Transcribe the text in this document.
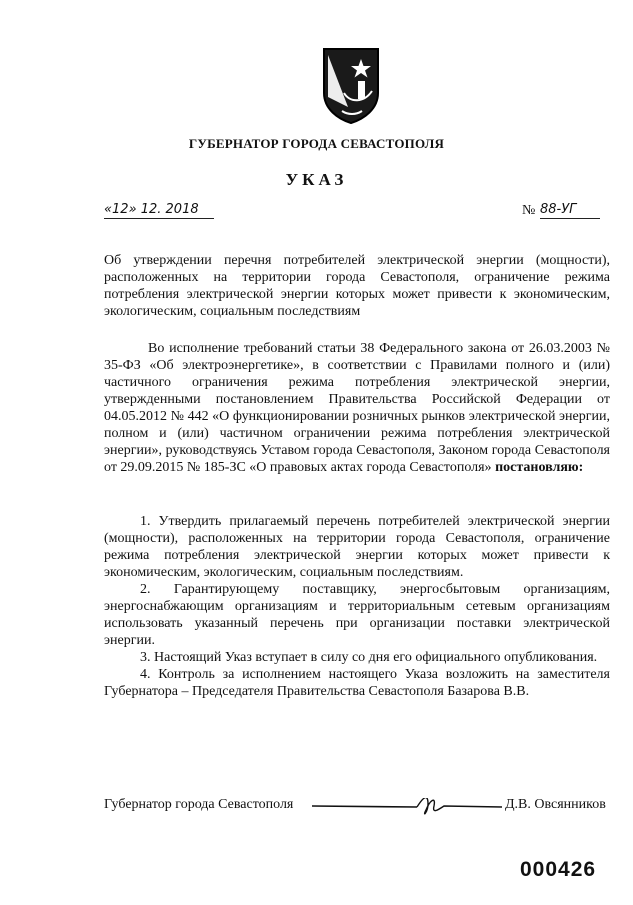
ГУБЕРНАТОР ГОРОДА СЕВАСТОПОЛЯ
УКАЗ
«12» 12. 2018	№ 88-УГ
Об утверждении перечня потребителей электрической энергии (мощности), расположенных на территории города Севастополя, ограничение режима потребления электрической энергии которых может привести к экономическим, экологическим, социальным последствиям
Во исполнение требований статьи 38 Федерального закона от 26.03.2003 № 35-ФЗ «Об электроэнергетике», в соответствии с Правилами полного и (или) частичного ограничения режима потребления электрической энергии, утвержденными постановлением Правительства Российской Федерации от 04.05.2012 № 442 «О функционировании розничных рынков электрической энергии, полном и (или) частичном ограничении режима потребления электрической энергии», руководствуясь Уставом города Севастополя, Законом города Севастополя от 29.09.2015 № 185-ЗС «О правовых актах города Севастополя» постановляю:

1. Утвердить прилагаемый перечень потребителей электрической энергии (мощности), расположенных на территории города Севастополя, ограничение режима потребления электрической энергии которых может привести к экономическим, экологическим, социальным последствиям.

2. Гарантирующему поставщику, энергосбытовым организациям, энергоснабжающим организациям и территориальным сетевым организациям использовать указанный перечень при организации поставки электрической энергии.

3. Настоящий Указ вступает в силу со дня его официального опубликования.

4. Контроль за исполнением настоящего Указа возложить на заместителя Губернатора – Председателя Правительства Севастополя Базарова В.В.

Губернатор города Севастополя	Д.В. Овсянников
000426
